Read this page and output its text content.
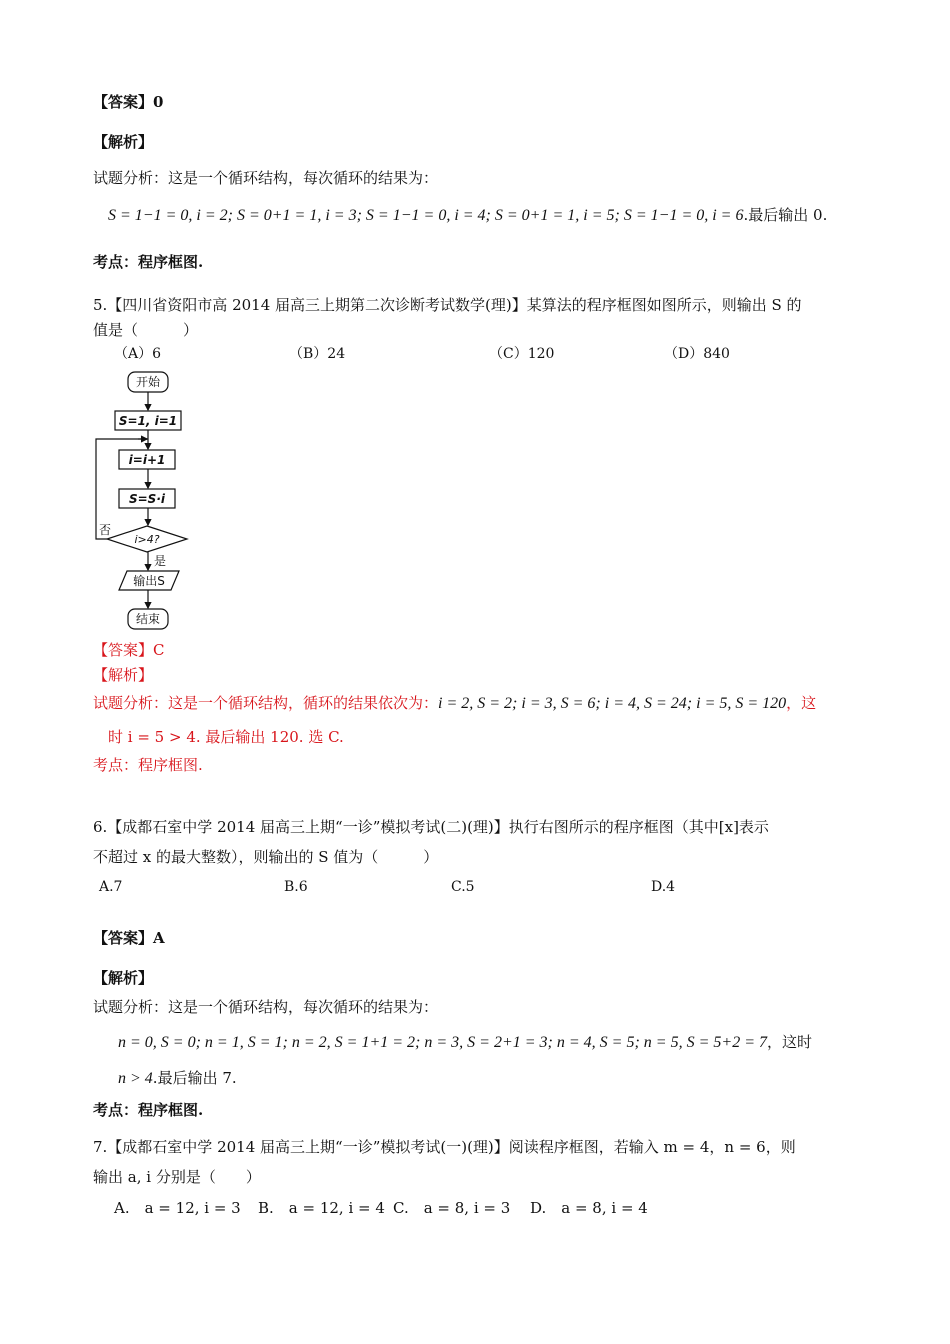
【答案】0
【解析】
试题分析：这是一个循环结构，每次循环的结果为：
S = 1−1 = 0, i = 2; S = 0+1 = 1, i = 3; S = 1−1 = 0, i = 4; S = 0+1 = 1, i = 5; S = 1−1 = 0, i = 6.最后输出 0.
考点：程序框图.
5.【四川省资阳市高 2014 届高三上期第二次诊断考试数学(理)】某算法的程序框图如图所示，则输出 S 的
值是（　　　）
（A）6	（B）24	（C）120	（D）840
开始
S=1, i=1
i=i+1
S=S·i
i>4?
输出S
结束
否
是
【答案】C
【解析】
试题分析：这是一个循环结构，循环的结果依次为：i = 2, S = 2; i = 3, S = 6; i = 4, S = 24; i = 5, S = 120，这
时 i = 5 > 4. 最后输出 120. 选 C.
考点：程序框图.
6.【成都石室中学 2014 届高三上期“一诊”模拟考试(二)(理)】执行右图所示的程序框图（其中[x]表示
不超过 x 的最大整数），则输出的 S 值为（　　　）
A.7	B.6	C.5	D.4
【答案】A
【解析】
试题分析：这是一个循环结构，每次循环的结果为：
n = 0, S = 0; n = 1, S = 1; n = 2, S = 1+1 = 2; n = 3, S = 2+1 = 3; n = 4, S = 5; n = 5, S = 5+2 = 7，这时
n > 4.最后输出 7.
考点：程序框图.
7.【成都石室中学 2014 届高三上期“一诊”模拟考试(一)(理)】阅读程序框图，若输入 m = 4，n = 6，则
输出 a, i 分别是（　　）
A.　a = 12, i = 3 B.　a = 12, i = 4 C.　a = 8, i = 3 D.　a = 8, i = 4
